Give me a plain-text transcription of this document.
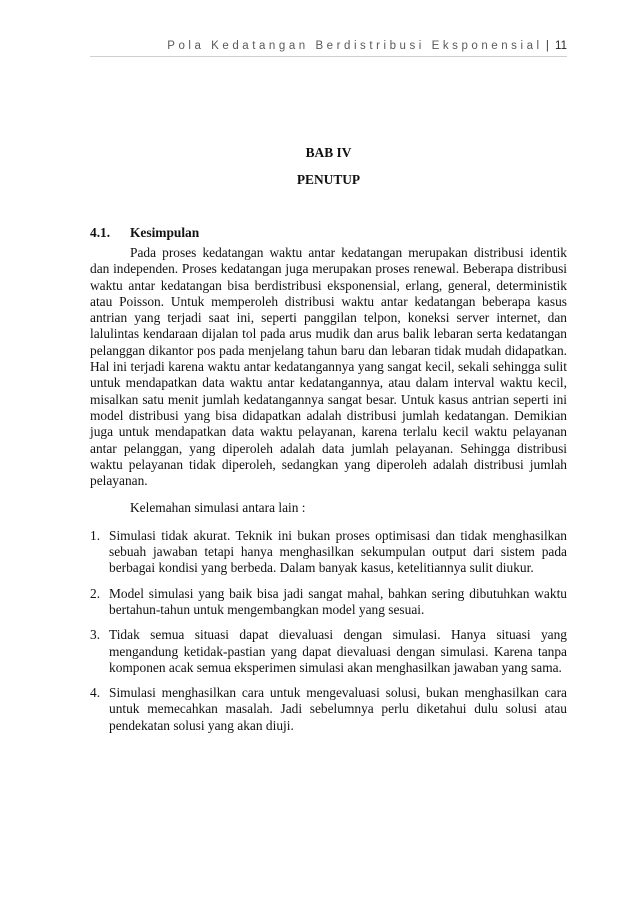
Pola Kedatangan Berdistribusi Eksponensial | 11
BAB IV
PENUTUP
4.1. Kesimpulan

Pada proses kedatangan waktu antar kedatangan merupakan distribusi identik dan independen. Proses kedatangan juga merupakan proses renewal. Beberapa distribusi waktu antar kedatangan bisa berdistribusi eksponensial, erlang, general, deterministik atau Poisson. Untuk memperoleh distribusi waktu antar kedatangan beberapa kasus antrian yang terjadi saat ini, seperti panggilan telpon, koneksi server internet, dan lalulintas kendaraan dijalan tol pada arus mudik dan arus balik lebaran serta kedatangan pelanggan dikantor pos pada menjelang tahun baru dan lebaran tidak mudah didapatkan. Hal ini terjadi karena waktu antar kedatangannya yang sangat kecil, sekali sehingga sulit untuk mendapatkan data waktu antar kedatangannya, atau dalam interval waktu kecil, misalkan satu menit jumlah kedatangannya sangat besar. Untuk kasus antrian seperti ini model distribusi yang bisa didapatkan adalah distribusi jumlah kedatangan. Demikian juga untuk mendapatkan data waktu pelayanan, karena terlalu kecil waktu pelayanan antar pelanggan, yang diperoleh adalah data jumlah pelayanan. Sehingga distribusi waktu pelayanan tidak diperoleh, sedangkan yang diperoleh adalah distribusi jumlah pelayanan.

Kelemahan simulasi antara lain :

1. Simulasi tidak akurat. Teknik ini bukan proses optimisasi dan tidak menghasilkan sebuah jawaban tetapi hanya menghasilkan sekumpulan output dari sistem pada berbagai kondisi yang berbeda. Dalam banyak kasus, ketelitiannya sulit diukur.
2. Model simulasi yang baik bisa jadi sangat mahal, bahkan sering dibutuhkan waktu bertahun-tahun untuk mengembangkan model yang sesuai.
3. Tidak semua situasi dapat dievaluasi dengan simulasi. Hanya situasi yang mengandung ketidak-pastian yang dapat dievaluasi dengan simulasi. Karena tanpa komponen acak semua eksperimen simulasi akan menghasilkan jawaban yang sama.
4. Simulasi menghasilkan cara untuk mengevaluasi solusi, bukan menghasilkan cara untuk memecahkan masalah. Jadi sebelumnya perlu diketahui dulu solusi atau pendekatan solusi yang akan diuji.
